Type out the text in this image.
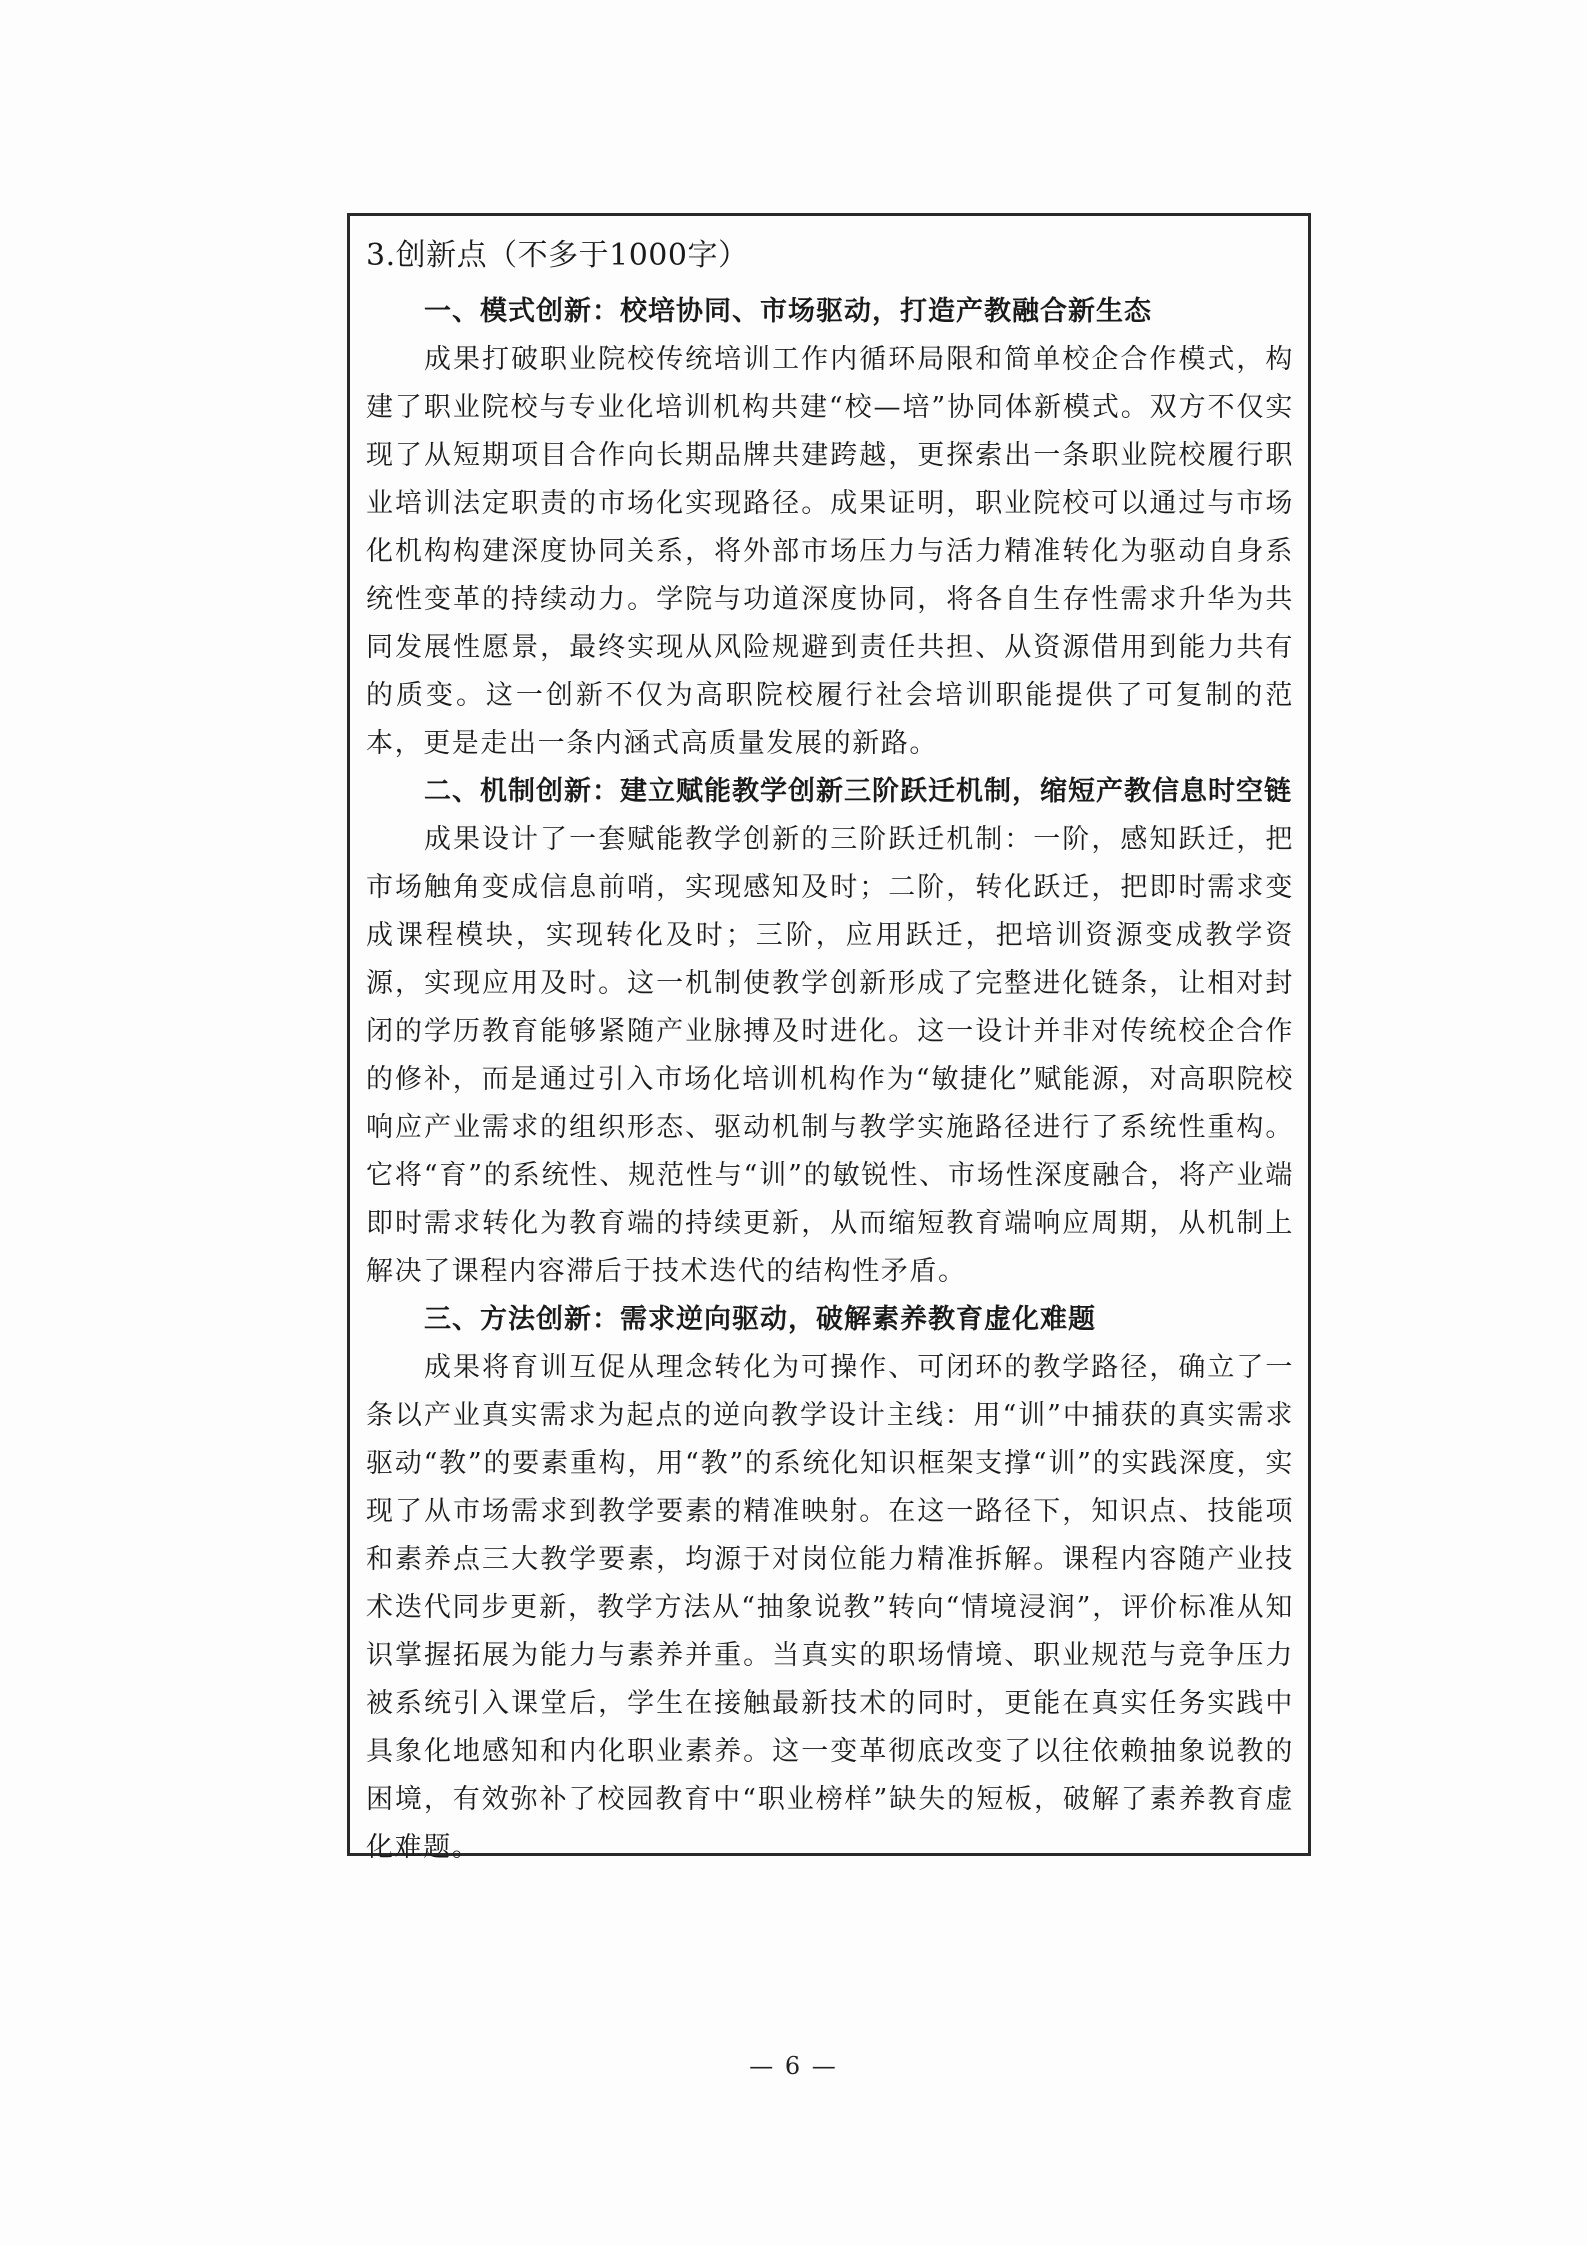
3.创新点（不多于1000字）

一、模式创新：校培协同、市场驱动，打造产教融合新生态

成果打破职业院校传统培训工作内循环局限和简单校企合作模式，构建了职业院校与专业化培训机构共建“校—培”协同体新模式。双方不仅实现了从短期项目合作向长期品牌共建跨越，更探索出一条职业院校履行职业培训法定职责的市场化实现路径。成果证明，职业院校可以通过与市场化机构构建深度协同关系，将外部市场压力与活力精准转化为驱动自身系统性变革的持续动力。学院与功道深度协同，将各自生存性需求升华为共同发展性愿景，最终实现从风险规避到责任共担、从资源借用到能力共有的质变。这一创新不仅为高职院校履行社会培训职能提供了可复制的范本，更是走出一条内涵式高质量发展的新路。

二、机制创新：建立赋能教学创新三阶跃迁机制，缩短产教信息时空链

成果设计了一套赋能教学创新的三阶跃迁机制：一阶，感知跃迁，把市场触角变成信息前哨，实现感知及时；二阶，转化跃迁，把即时需求变成课程模块，实现转化及时；三阶，应用跃迁，把培训资源变成教学资源，实现应用及时。这一机制使教学创新形成了完整进化链条，让相对封闭的学历教育能够紧随产业脉搏及时进化。这一设计并非对传统校企合作的修补，而是通过引入市场化培训机构作为“敏捷化”赋能源，对高职院校响应产业需求的组织形态、驱动机制与教学实施路径进行了系统性重构。它将“育”的系统性、规范性与“训”的敏锐性、市场性深度融合，将产业端即时需求转化为教育端的持续更新，从而缩短教育端响应周期，从机制上解决了课程内容滞后于技术迭代的结构性矛盾。

三、方法创新：需求逆向驱动，破解素养教育虚化难题

成果将育训互促从理念转化为可操作、可闭环的教学路径，确立了一条以产业真实需求为起点的逆向教学设计主线：用“训”中捕获的真实需求驱动“教”的要素重构，用“教”的系统化知识框架支撑“训”的实践深度，实现了从市场需求到教学要素的精准映射。在这一路径下，知识点、技能项和素养点三大教学要素，均源于对岗位能力精准拆解。课程内容随产业技术迭代同步更新，教学方法从“抽象说教”转向“情境浸润”，评价标准从知识掌握拓展为能力与素养并重。当真实的职场情境、职业规范与竞争压力被系统引入课堂后，学生在接触最新技术的同时，更能在真实任务实践中具象化地感知和内化职业素养。这一变革彻底改变了以往依赖抽象说教的困境，有效弥补了校园教育中“职业榜样”缺失的短板，破解了素养教育虚化难题。

— 6 —
